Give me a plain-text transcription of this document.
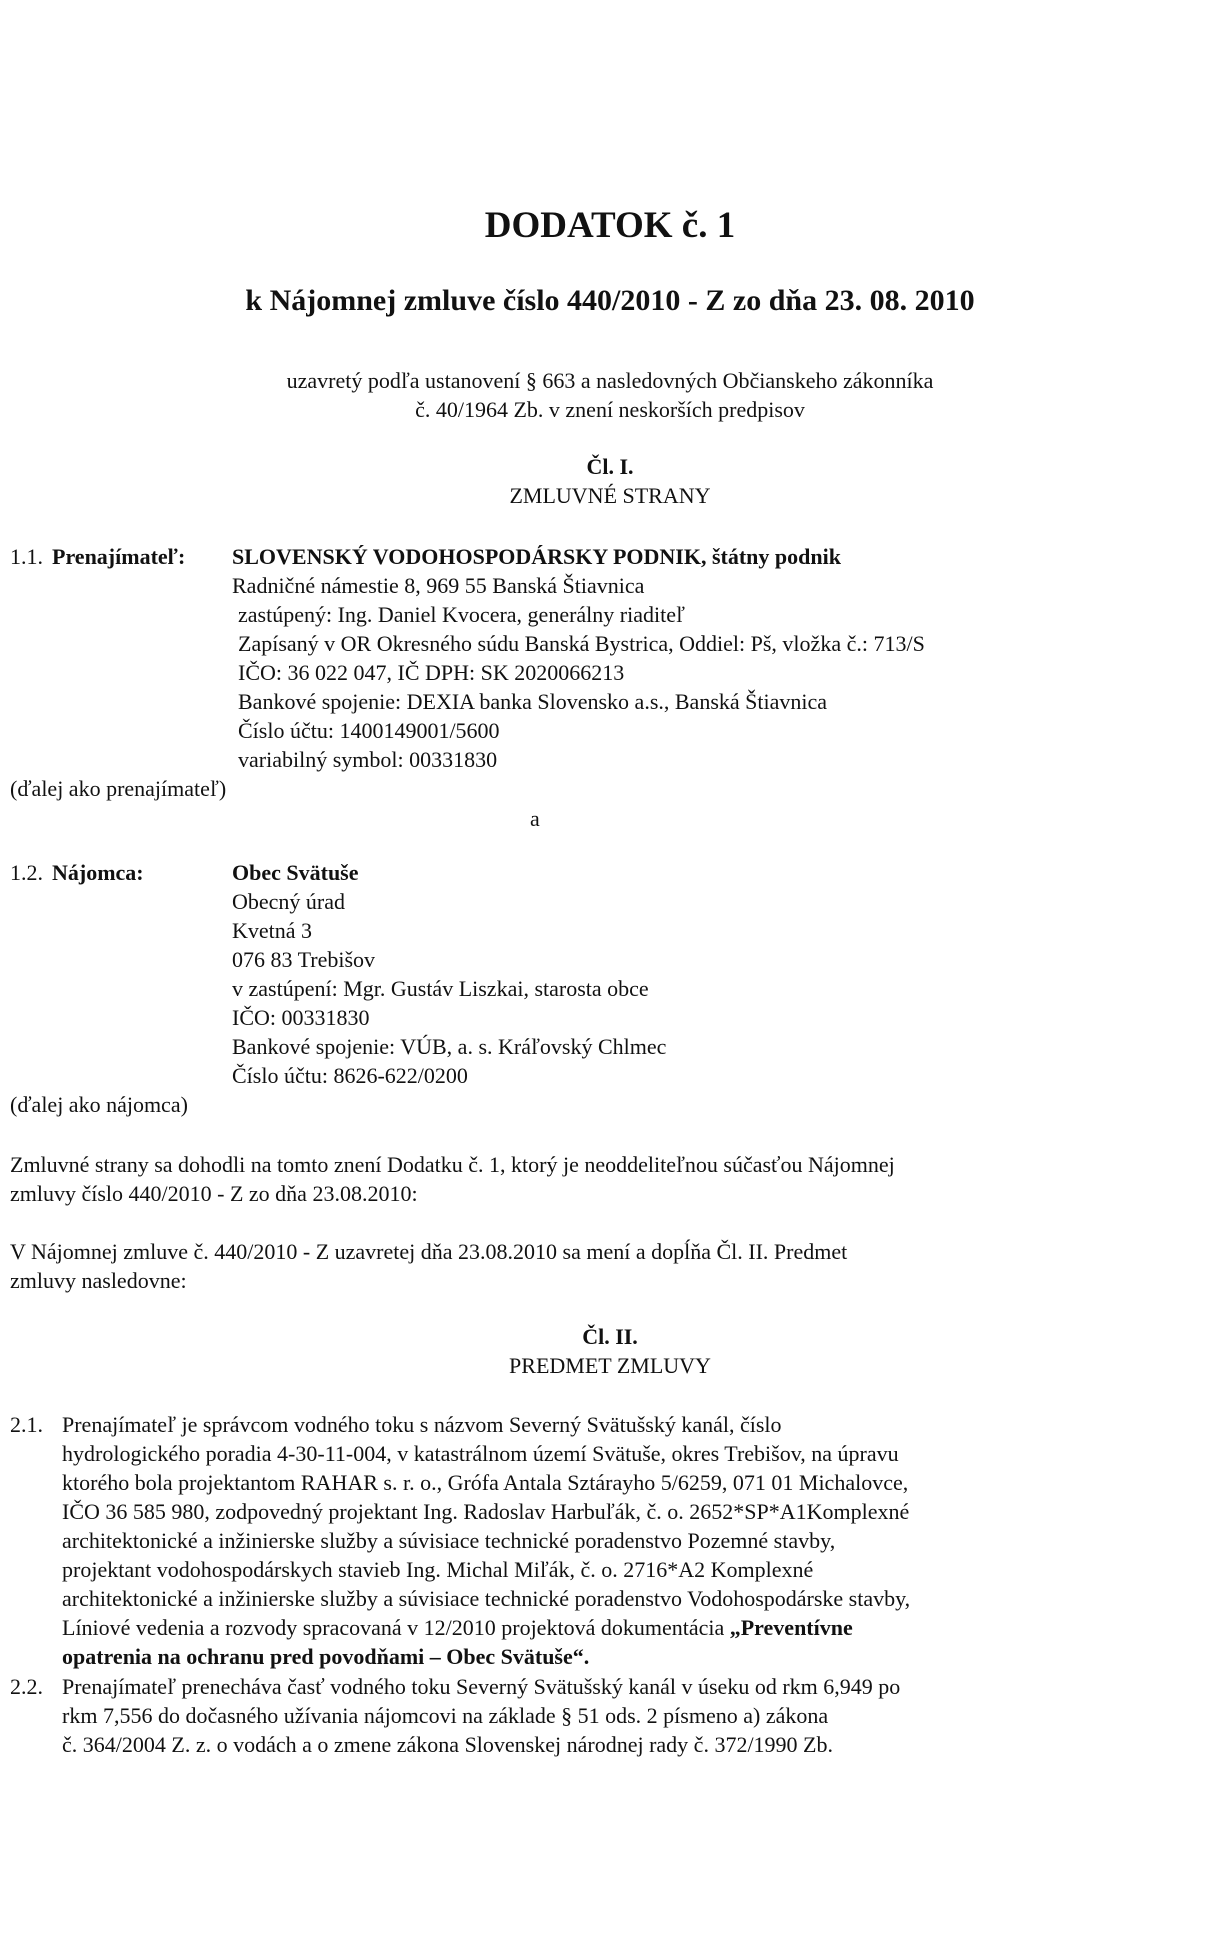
DODATOK č. 1
k Nájomnej zmluve číslo 440/2010 - Z zo dňa 23. 08. 2010
uzavretý podľa ustanovení § 663 a nasledovných Občianskeho zákonníka
č. 40/1964 Zb. v znení neskorších predpisov
Čl. I.
ZMLUVNÉ STRANY
1.1. Prenajímateľ: SLOVENSKÝ VODOHOSPODÁRSKY PODNIK, štátny podnik
Radničné námestie 8, 969 55 Banská Štiavnica
zastúpený: Ing. Daniel Kvocera, generálny riaditeľ
Zapísaný v OR Okresného súdu Banská Bystrica, Oddiel: Pš, vložka č.: 713/S
IČO: 36 022 047, IČ DPH: SK 2020066213
Bankové spojenie: DEXIA banka Slovensko a.s., Banská Štiavnica
Číslo účtu: 1400149001/5600
variabilný symbol: 00331830
(ďalej ako prenajímateľ)
a
1.2. Nájomca:	Obec Svätuše
Obecný úrad
Kvetná 3
076 83 Trebišov
v zastúpení: Mgr. Gustáv Liszkai, starosta obce
IČO: 00331830
Bankové spojenie: VÚB, a. s. Kráľovský Chlmec
Číslo účtu: 8626-622/0200
(ďalej ako nájomca)
Zmluvné strany sa dohodli na tomto znení Dodatku č. 1, ktorý je neoddeliteľnou súčasťou Nájomnej
zmluvy číslo 440/2010 - Z zo dňa 23.08.2010:
V Nájomnej zmluve č. 440/2010 - Z uzavretej dňa 23.08.2010 sa mení a dopĺňa Čl. II. Predmet
zmluvy nasledovne:
Čl. II.
PREDMET ZMLUVY
2.1. Prenajímateľ je správcom vodného toku s názvom Severný Svätušský kanál, číslo
hydrologického poradia 4-30-11-004, v katastrálnom území Svätuše, okres Trebišov, na úpravu
ktorého bola projektantom RAHAR s. r. o., Grófa Antala Sztárayho 5/6259, 071 01 Michalovce,
IČO 36 585 980, zodpovedný projektant Ing. Radoslav Harbuľák, č. o. 2652*SP*A1Komplexné
architektonické a inžinierske služby a súvisiace technické poradenstvo Pozemné stavby,
projektant vodohospodárskych stavieb Ing. Michal Miľák, č. o. 2716*A2 Komplexné
architektonické a inžinierske služby a súvisiace technické poradenstvo Vodohospodárske stavby,
Líniové vedenia a rozvody spracovaná v 12/2010 projektová dokumentácia „Preventívne
opatrenia na ochranu pred povodňami – Obec Svätuše“.
2.2. Prenajímateľ prenecháva časť vodného toku Severný Svätušský kanál v úseku od rkm 6,949 po
rkm 7,556 do dočasného užívania nájomcovi na základe § 51 ods. 2 písmeno a) zákona
č. 364/2004 Z. z. o vodách a o zmene zákona Slovenskej národnej rady č. 372/1990 Zb.
